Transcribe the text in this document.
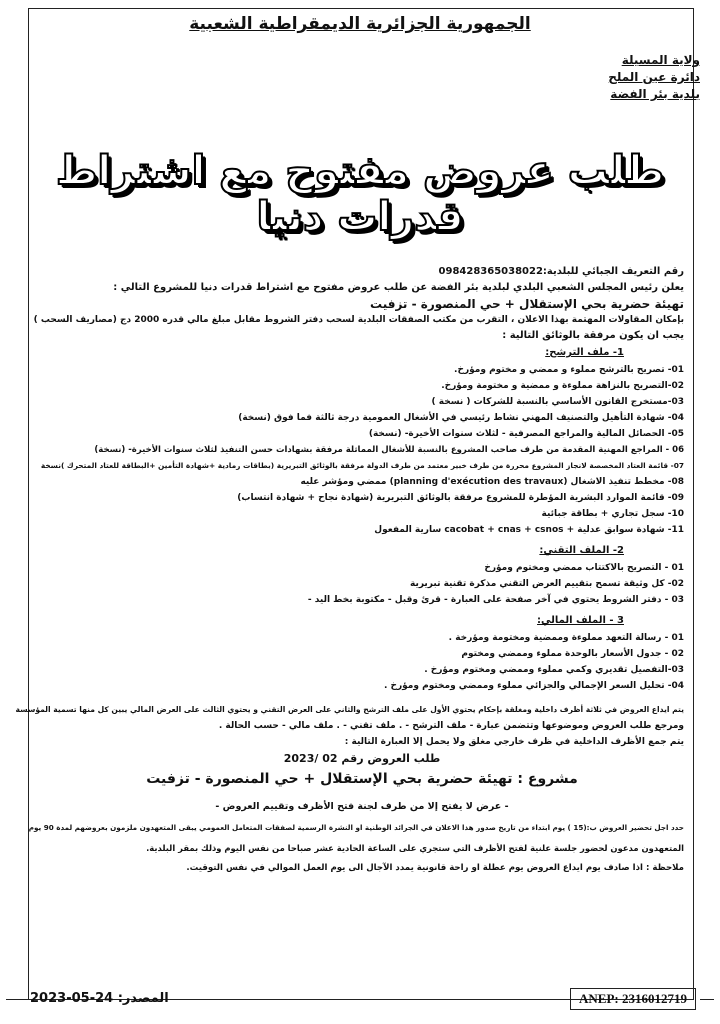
الجمهورية الجزائرية الديمقراطية الشعبية
ولاية المسيلة
دائرة عين الملح
بلدية بئر الفضة
طلب عروض مفتوح مع اشتراط قدرات دنيا
رقم التعريف الجبائي للبلدية:098428365038022
يعلن رئيس المجلس الشعبي البلدي لبلدية بئر الفضة عن طلب عروض مفتوح مع اشتراط قدرات دنيا للمشروع التالي :
تهيئة حضرية بحي الإستقلال + حي المنصورة - تزفيت
بإمكان المقاولات المهتمة بهذا الاعلان ، التقرب من مكتب الصفقات البلدية لسحب دفتر الشروط مقابل مبلغ مالي قدره 2000 دج (مصاريف السحب )
يجب ان يكون مرفقة بالوثائق التالية :
1- ملف الترشح:
01- تصريح بالترشح مملوء و ممضي و مختوم ومؤرخ.
02-التصريح بالنزاهة مملوءة و ممضية و مختومة ومؤرخ.
03-مستخرج القانون الأساسي بالنسبة للشركات ( نسخة )
04- شهادة التأهيل والتصنيف المهني نشاط رئيسي في الأشغال العمومية درجة ثالثة فما فوق (نسخة)
05- الحصائل المالية والمراجع المصرفية - لثلاث سنوات الأخيرة- (نسخة)
06 - المراجع المهنية المقدمة من طرف صاحب المشروع بالنسبة للأشغال المماثلة مرفقة بشهادات حسن التنفيذ لثلاث سنوات الأخيرة- (نسخة)
07- قائمة العتاد المخصصة لانجاز المشروع محررة من طرف خبير معتمد من طرف الدولة مرفقة بالوثائق التبريرية (بطاقات رمادية +شهادة التأمين +البطاقة للعتاد المتحرك )نسخة
08- مخطط تنفيذ الاشغال (planning d'exécution des travaux) ممضي ومؤشر عليه
09- قائمة الموارد البشرية المؤطرة للمشروع مرفقة بالوثائق التبريرية (شهادة نجاح + شهادة انتساب)
10- سجل تجاري + بطاقة جبائية
11- شهادة سوابق عدلية + cacobat + cnas + csnos سارية المفعول
2- الملف التقني:
01 - التصريح بالاكتتاب ممضي ومختوم ومؤرخ
02- كل وثيقة تسمح بتقييم العرض التقني مذكرة تقنية تبريرية
03 - دفتر الشروط يحتوي في آخر صفحة على العبارة - قرئ وقبل - مكتوبة بخط اليد -
3 - الملف المالي:
01 - رسالة التعهد مملوءة وممضية ومختومة ومؤرخة .
02 - جدول الأسعار بالوحدة مملوء وممضي ومختوم
03-التفصيل تقديري وكمي مملوء وممضي ومختوم ومؤرخ .
04- تحليل السعر الإجمالي والجزائي مملوء وممضي ومختوم ومؤرخ .
يتم ايداع العروض في ثلاثة أظرف داخلية ومغلقة بإحكام يحتوي الأول على ملف الترشح والثاني على العرض التقني و يحتوي الثالث على العرض المالي يبين كل منها تسمية المؤسسة
ومرجع طلب العروض وموضوعها وتتضمن عبارة - ملف الترشح - . ملف تقني - . ملف مالي - حسب الحالة .
يتم جمع الأظرف الداخلية في ظرف خارجي مغلق ولا يحمل إلا العبارة التالية :
طلب العروض رقم 02 /2023
مشروع : تهيئة حضرية بحي الإستقلال + حي المنصورة - تزفيت
- عرض لا يفتح إلا من طرف لجنة فتح الأظرف وتقييم العروض -
حدد اجل تحضير العروض ب:(15 ) يوم ابتداء من تاريخ صدور هذا الاعلان في الجرائد الوطنية او النشرة الرسمية لصفقات المتعامل العمومي يبقى المتعهدون ملزمون بعروضهم لمدة 90 يوم
المتعهدون مدعون لحضور جلسة علنية لفتح الأظرف التي ستجري على الساعة الحادية عشر صباحا من نفس اليوم وذلك بمقر البلدية.
ملاحظة : اذا صادف يوم ايداع العروض يوم عطلة او راحة قانونية يمدد الآجال الى يوم العمل الموالي في نفس التوقيت.
المصدر: 24-05-2023	ANEP: 2316012719
